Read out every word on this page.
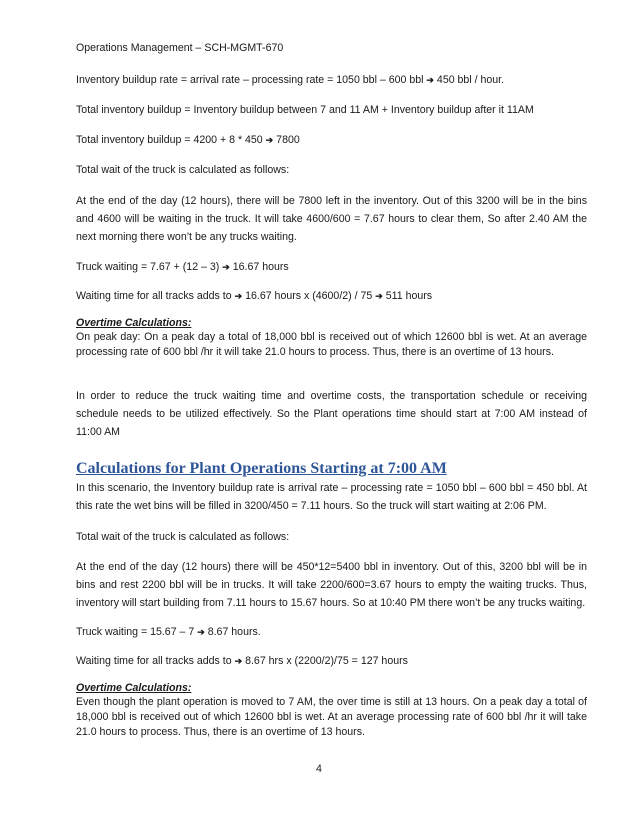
Operations Management – SCH-MGMT-670

Inventory buildup rate = arrival rate – processing rate = 1050 bbl – 600 bbl ➔ 450 bbl / hour.

Total inventory buildup = Inventory buildup between 7 and 11 AM + Inventory buildup after it 11AM

Total inventory buildup = 4200 + 8 * 450 ➔ 7800

Total wait of the truck is calculated as follows:

At the end of the day (12 hours), there will be 7800 left in the inventory. Out of this 3200 will be in the bins and 4600 will be waiting in the truck. It will take 4600/600 = 7.67 hours to clear them, So after 2.40 AM the next morning there won’t be any trucks waiting.

Truck waiting = 7.67 + (12 – 3) ➔ 16.67 hours

Waiting time for all tracks adds to ➔ 16.67 hours x (4600/2) / 75 ➔ 511 hours

Overtime Calculations:

On peak day: On a peak day a total of 18,000 bbl is received out of which 12600 bbl is wet. At an average processing rate of 600 bbl /hr it will take 21.0 hours to process. Thus, there is an overtime of 13 hours.

In order to reduce the truck waiting time and overtime costs, the transportation schedule or receiving schedule needs to be utilized effectively. So the Plant operations time should start at 7:00 AM instead of 11:00 AM

Calculations for Plant Operations Starting at 7:00 AM

In this scenario, the Inventory buildup rate is arrival rate – processing rate = 1050 bbl – 600 bbl = 450 bbl. At this rate the wet bins will be filled in 3200/450 = 7.11 hours. So the truck will start waiting at 2:06 PM.

Total wait of the truck is calculated as follows:

At the end of the day (12 hours) there will be 450*12=5400 bbl in inventory. Out of this, 3200 bbl will be in bins and rest 2200 bbl will be in trucks. It will take 2200/600=3.67 hours to empty the waiting trucks. Thus, inventory will start building from 7.11 hours to 15.67 hours. So at 10:40 PM there won’t be any trucks waiting.

Truck waiting = 15.67 – 7 ➔ 8.67 hours.

Waiting time for all tracks adds to ➔ 8.67 hrs x (2200/2)/75 = 127 hours

Overtime Calculations:

Even though the plant operation is moved to 7 AM, the over time is still at 13 hours. On a peak day a total of 18,000 bbl is received out of which 12600 bbl is wet. At an average processing rate of 600 bbl /hr it will take 21.0 hours to process. Thus, there is an overtime of 13 hours.

4
